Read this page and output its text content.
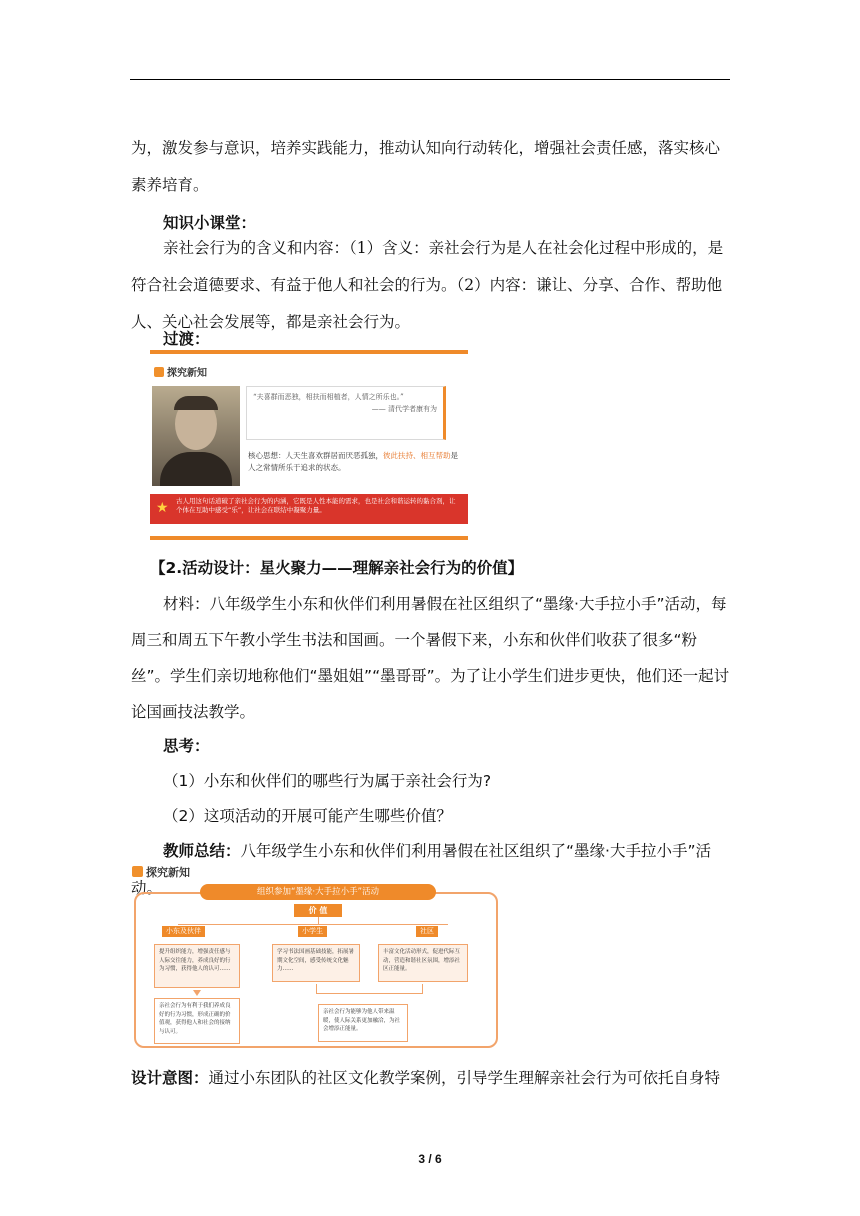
为，激发参与意识，培养实践能力，推动认知向行动转化，增强社会责任感，落实核心素养培育。

知识小课堂：

亲社会行为的含义和内容：（1）含义：亲社会行为是人在社会化过程中形成的，是符合社会道德要求、有益于他人和社会的行为。（2）内容：谦让、分享、合作、帮助他人、关心社会发展等，都是亲社会行为。

过渡：

探究新知
“夫喜群而恶独，相扶而相植者，人情之所乐也。”
—— 清代学者康有为
核心思想：人天生喜欢群居而厌恶孤独，彼此扶持、相互帮助是人之常情所乐于追求的状态。
★ 古人用这句话道破了亲社会行为的内涵，它既是人性本能的需求，也是社会和谐运转的黏合剂，让个体在互助中感受“乐”，让社会在联结中凝聚力量。

【2.活动设计：星火聚力——理解亲社会行为的价值】

材料：八年级学生小东和伙伴们利用暑假在社区组织了“墨缘·大手拉小手”活动，每周三和周五下午教小学生书法和国画。一个暑假下来，小东和伙伴们收获了很多“粉丝”。学生们亲切地称他们“墨姐姐”“墨哥哥”。为了让小学生们进步更快，他们还一起讨论国画技法教学。

思考：

（1）小东和伙伴们的哪些行为属于亲社会行为?

（2）这项活动的开展可能产生哪些价值？

教师总结：八年级学生小东和伙伴们利用暑假在社区组织了“墨缘·大手拉小手”活动。

探究新知
组织参加“墨缘·大手拉小手”活动
价 值
小东及伙伴	小学生	社区
提升组织能力，增强责任感与人际交往能力，养成良好的行为习惯，获得他人的认可……
学习书法国画基础技能，拓展暑期文化空间，感受传统文化魅力……
丰富文化活动形式，促进代际互动，营造和谐社区氛围，增添社区正能量。
亲社会行为有利于我们养成良好的行为习惯，形成正确的价值观，获得他人和社会的接纳与认可。
亲社会行为能够为他人带来温暖，使人际关系更加融洽，为社会增添正能量。

设计意图：通过小东团队的社区文化教学案例，引导学生理解亲社会行为可依托自身特

3 / 6
